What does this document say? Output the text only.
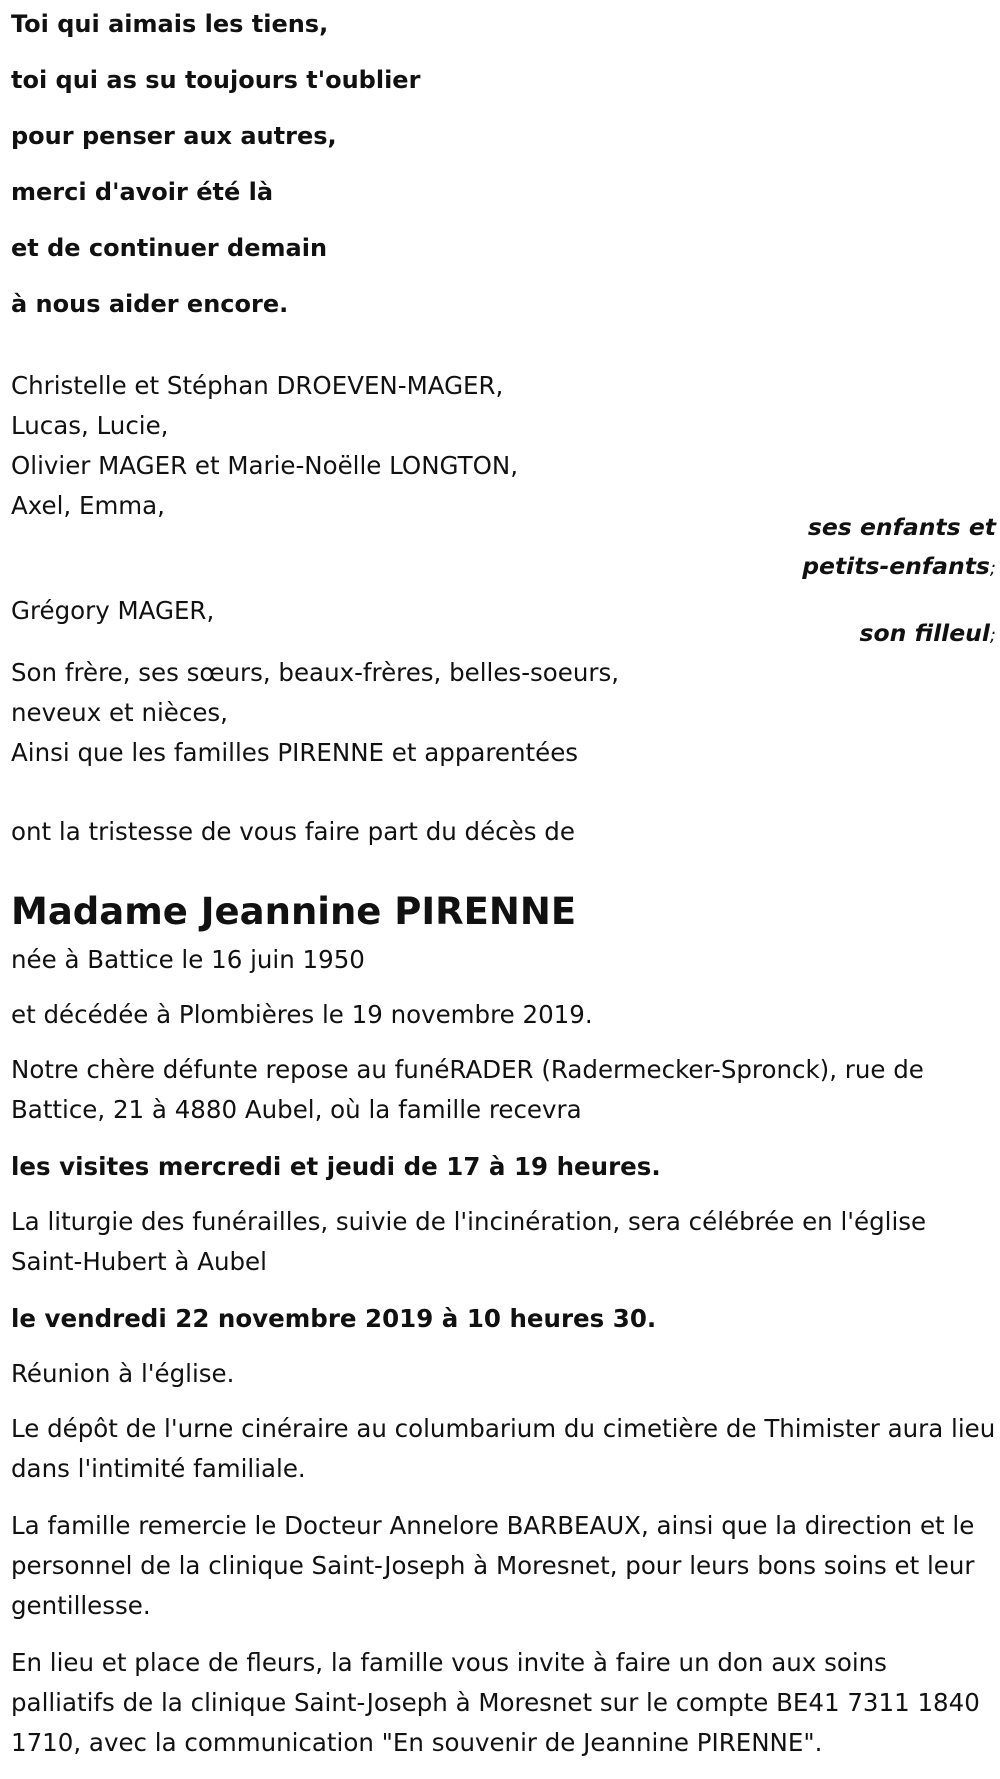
Toi qui aimais les tiens,

toi qui as su toujours t'oublier

pour penser aux autres,

merci d'avoir été là

et de continuer demain

à nous aider encore.

Christelle et Stéphan DROEVEN-MAGER,
Lucas, Lucie,
Olivier MAGER et Marie-Noëlle LONGTON,
Axel, Emma,
ses enfants et
petits-enfants;
Grégory MAGER,
son filleul;
Son frère, ses sœurs, beaux-frères, belles-soeurs,
neveux et nièces,
Ainsi que les familles PIRENNE et apparentées
ont la tristesse de vous faire part du décès de
Madame Jeannine PIRENNE

née à Battice le 16 juin 1950

et décédée à Plombières le 19 novembre 2019.

Notre chère défunte repose au funéRADER (Radermecker-Spronck), rue de Battice, 21 à 4880 Aubel, où la famille recevra

les visites mercredi et jeudi de 17 à 19 heures.

La liturgie des funérailles, suivie de l'incinération, sera célébrée en l'église Saint-Hubert à Aubel

le vendredi 22 novembre 2019 à 10 heures 30.

Réunion à l'église.

Le dépôt de l'urne cinéraire au columbarium du cimetière de Thimister aura lieu dans l'intimité familiale.

La famille remercie le Docteur Annelore BARBEAUX, ainsi que la direction et le personnel de la clinique Saint-Joseph à Moresnet, pour leurs bons soins et leur gentillesse.

En lieu et place de fleurs, la famille vous invite à faire un don aux soins palliatifs de la clinique Saint-Joseph à Moresnet sur le compte BE41 7311 1840 1710, avec la communication "En souvenir de Jeannine PIRENNE".
